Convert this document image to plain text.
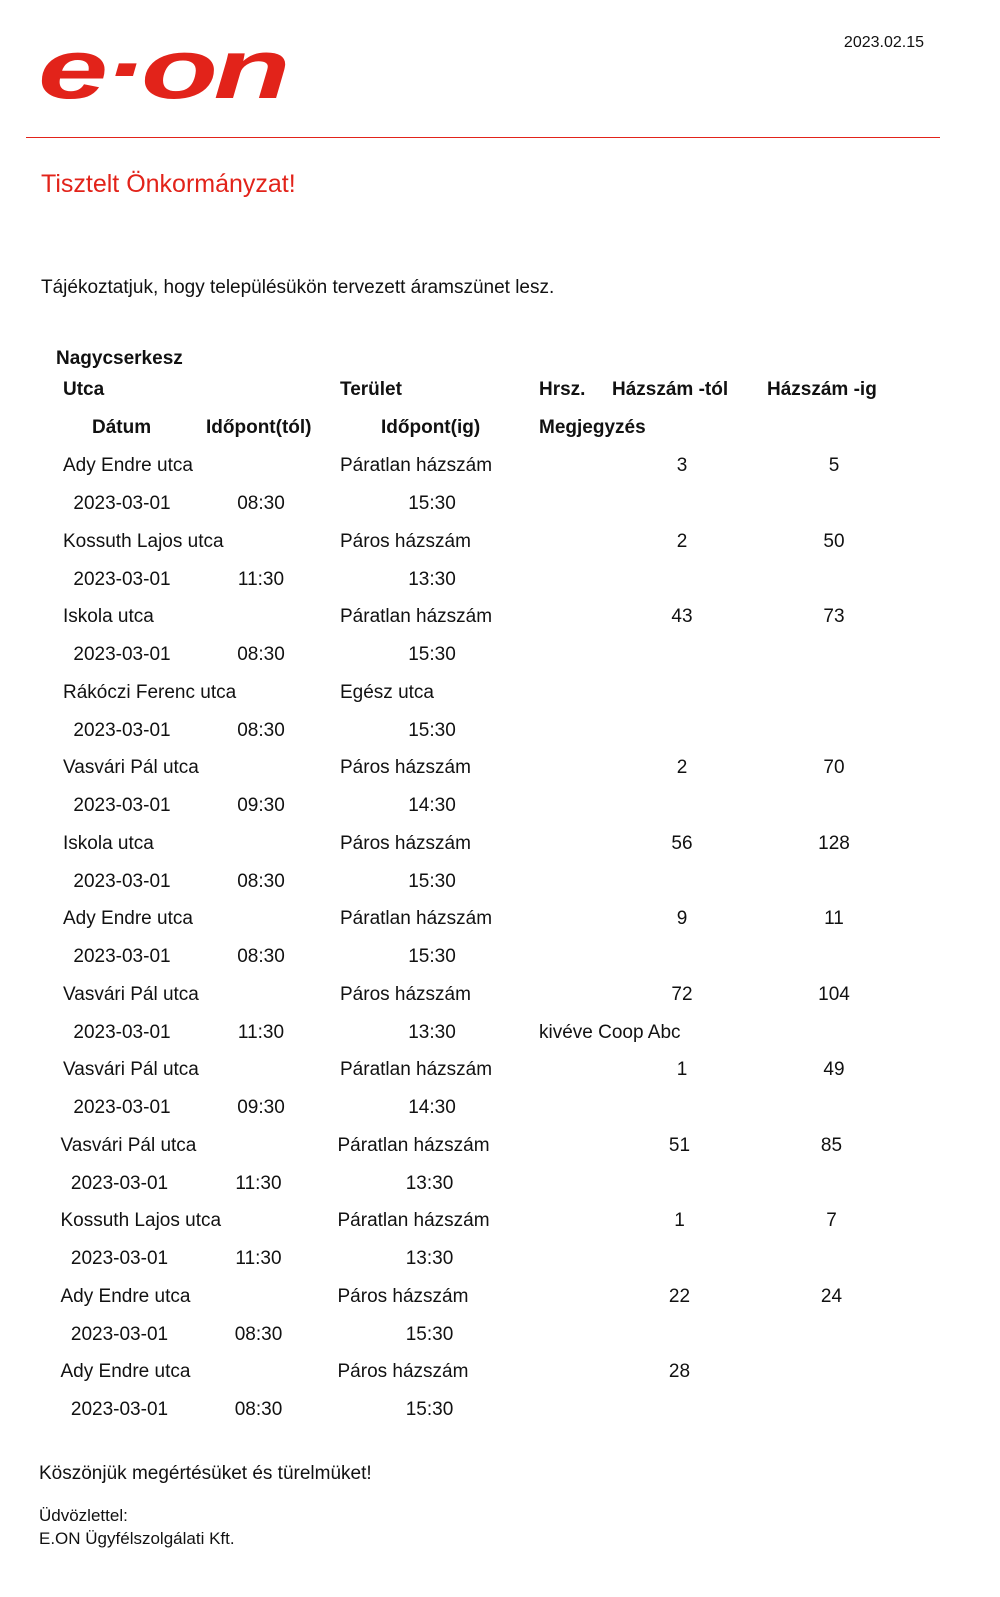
e·on	2023.02.15
Tisztelt Önkormányzat!
Tájékoztatjuk, hogy településükön tervezett áramszünet lesz.
Nagycserkesz
Utca	Terület	Hrsz. Házszám -tól Házszám -ig
Dátum	Időpont(tól)	Időpont(ig)	Megjegyzés
Ady Endre utca	Páratlan házszám	3	5
2023-03-01	08:30	15:30
Kossuth Lajos utca	Páros házszám	2	50
2023-03-01	11:30	13:30
Iskola utca	Páratlan házszám	43	73
2023-03-01	08:30	15:30
Rákóczi Ferenc utca	Egész utca
2023-03-01	08:30	15:30
Vasvári Pál utca	Páros házszám	2	70
2023-03-01	09:30	14:30
Iskola utca	Páros házszám	56	128
2023-03-01	08:30	15:30
Ady Endre utca	Páratlan házszám	9	11
2023-03-01	08:30	15:30
Vasvári Pál utca	Páros házszám	72	104
2023-03-01	11:30	13:30	kivéve Coop Abc
Vasvári Pál utca	Páratlan házszám	1	49
2023-03-01	09:30	14:30
Vasvári Pál utca	Páratlan házszám	51	85
2023-03-01	11:30	13:30
Kossuth Lajos utca	Páratlan házszám	1	7
2023-03-01	11:30	13:30
Ady Endre utca	Páros házszám	22	24
2023-03-01	08:30	15:30
Ady Endre utca	Páros házszám	28
2023-03-01	08:30	15:30
Köszönjük megértésüket és türelmüket!
Üdvözlettel:
E.ON Ügyfélszolgálati Kft.
